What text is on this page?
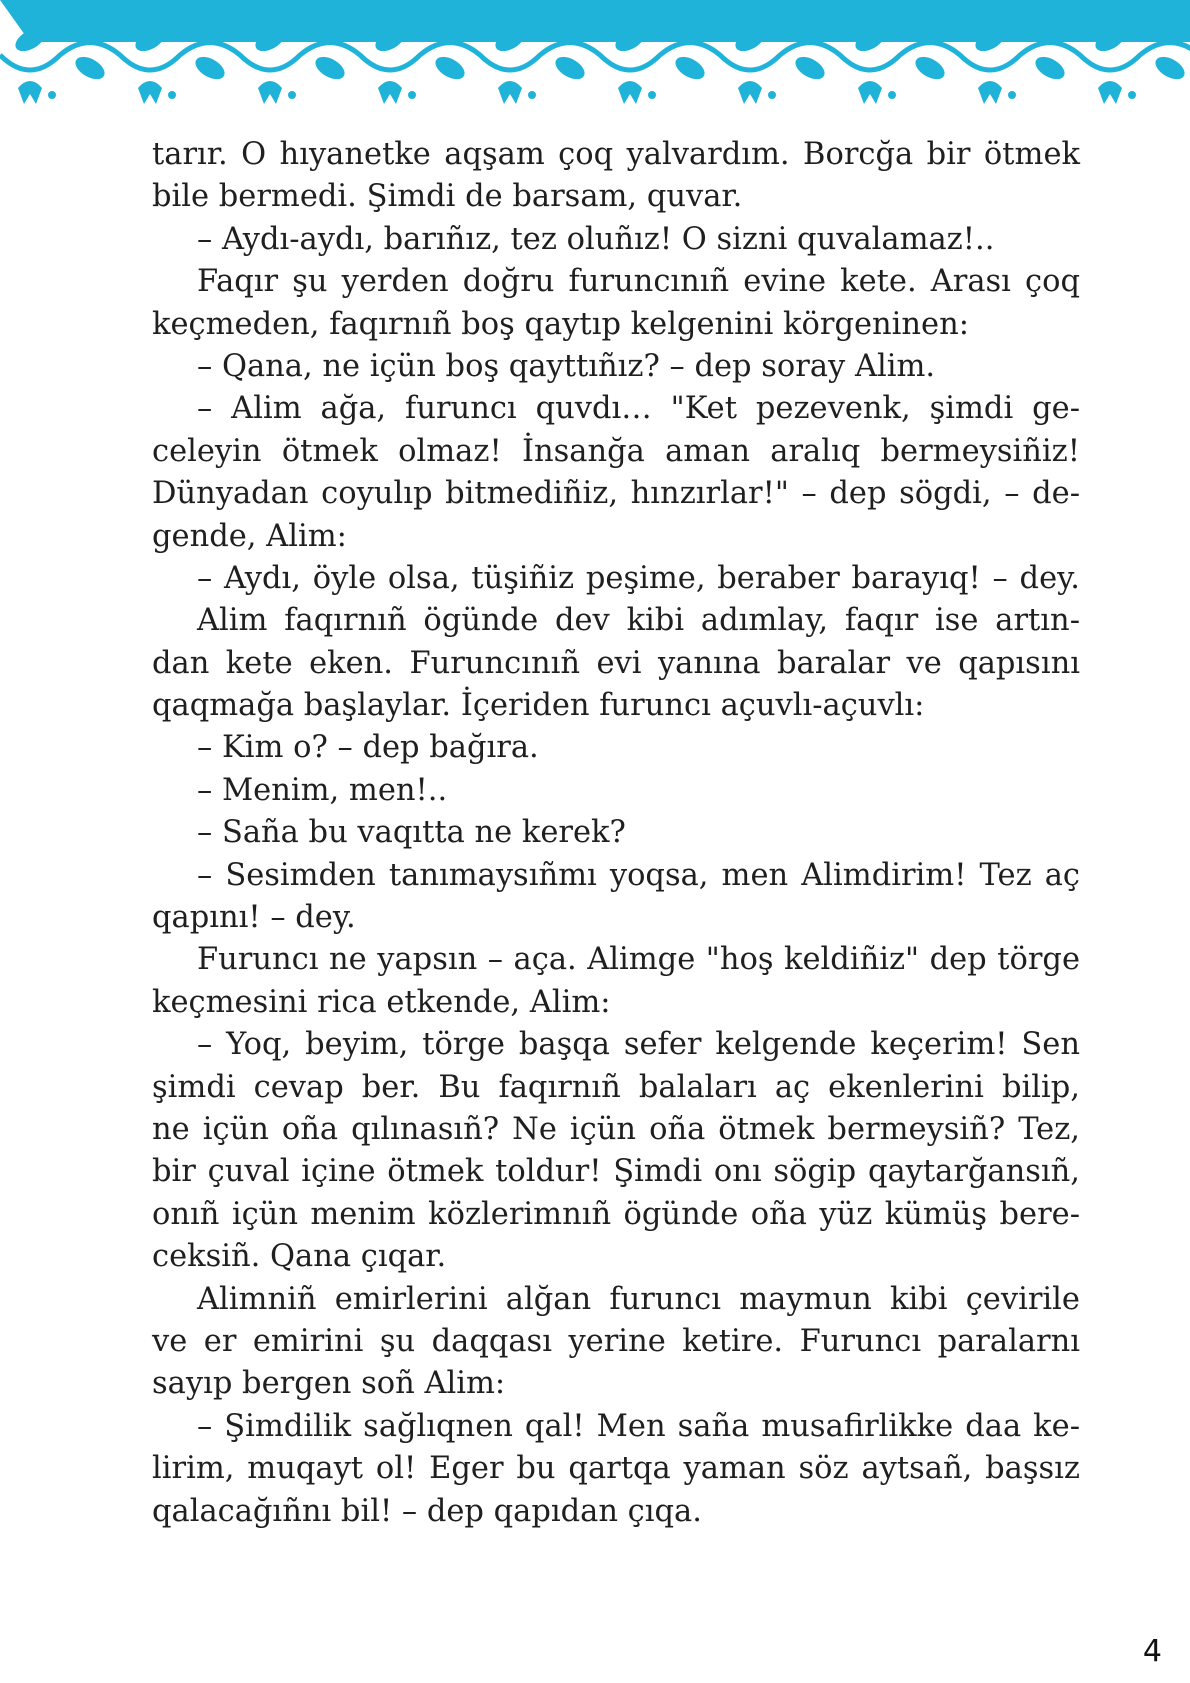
tarır. O hıyanetke aqşam çoq yalvardım. Borcğa bir ötmek
bile bermedi. Şimdi de barsam, quvar.
– Aydı-aydı, barıñız, tez oluñız! O sizni quvalamaz!..
Faqır şu yerden doğru furuncınıñ evine kete. Arası çoq
keçmeden, faqırnıñ boş qaytıp kelgenini körgeninen:
– Qana, ne içün boş qayttıñız? – dep soray Alim.
– Alim ağa, furuncı quvdı… "Ket pezevenk, şimdi ge-
celeyin ötmek olmaz! İnsanğa aman aralıq bermeysiñiz!
Dünyadan coyulıp bitmediñiz, hınzırlar!" – dep sögdi, – de-
gende, Alim:
– Aydı, öyle olsa, tüşiñiz peşime, beraber barayıq! – dey.
Alim faqırnıñ ögünde dev kibi adımlay, faqır ise artın-
dan kete eken. Furuncınıñ evi yanına baralar ve qapısını
qaqmağa başlaylar. İçeriden furuncı açuvlı-açuvlı:
– Kim o? – dep bağıra.
– Menim, men!..
– Saña bu vaqıtta ne kerek?
– Sesimden tanımaysıñmı yoqsa, men Alimdirim! Tez aç
qapını! – dey.
Furuncı ne yapsın – aça. Alimge "hoş keldiñiz" dep törge
keçmesini rica etkende, Alim:
– Yoq, beyim, törge başqa sefer kelgende keçerim! Sen
şimdi cevap ber. Bu faqırnıñ balaları aç ekenlerini bilip,
ne içün oña qılınasıñ? Ne içün oña ötmek bermeysiñ? Tez,
bir çuval içine ötmek toldur! Şimdi onı sögip qaytarğansıñ,
onıñ içün menim közlerimnıñ ögünde oña yüz kümüş bere-
ceksiñ. Qana çıqar.
Alimniñ emirlerini alğan furuncı maymun kibi çevirile
ve er emirini şu daqqası yerine ketire. Furuncı paralarnı
sayıp bergen soñ Alim:
– Şimdilik sağlıqnen qal! Men saña musafirlikke daa ke-
lirim, muqayt ol! Eger bu qartqa yaman söz aytsañ, başsız
qalacağıñnı bil! – dep qapıdan çıqa.
4
